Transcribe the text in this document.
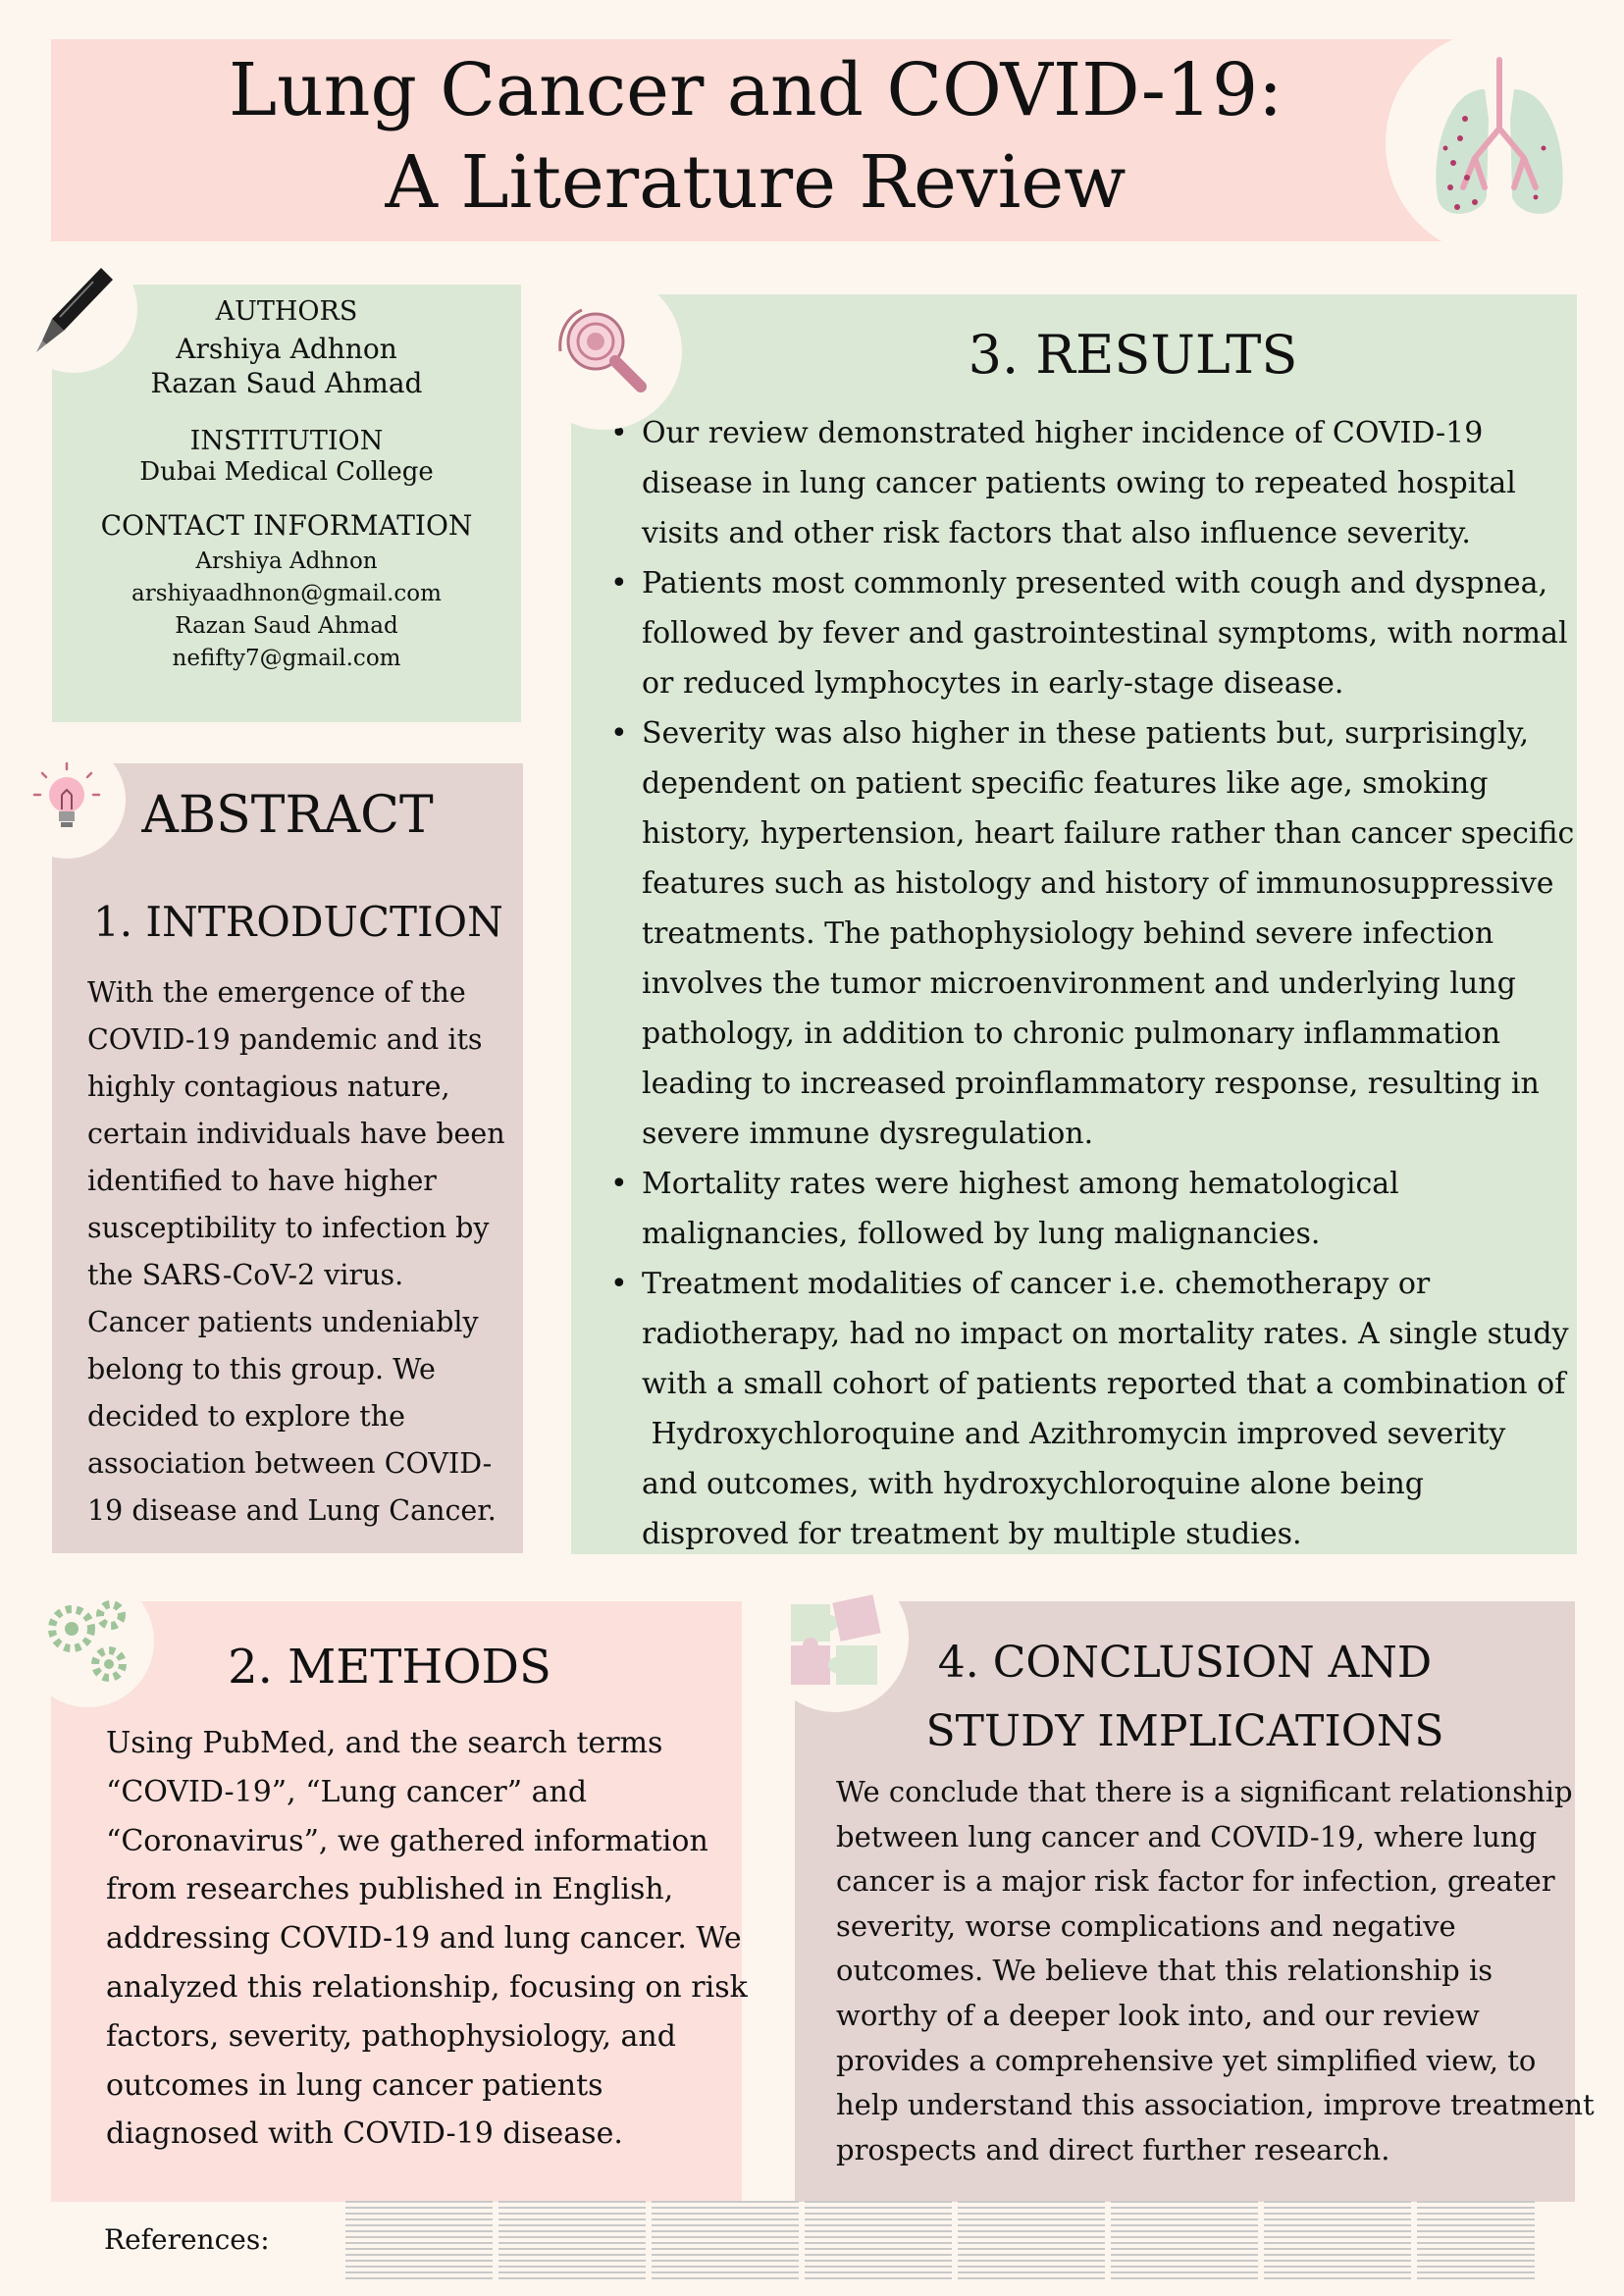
Lung Cancer and COVID-19:
A Literature Review
AUTHORS
Arshiya Adhnon
Razan Saud Ahmad
INSTITUTION
Dubai Medical College
CONTACT INFORMATION
Arshiya Adhnon
arshiyaadhnon@gmail.com
Razan Saud Ahmad
nefifty7@gmail.com
ABSTRACT
1. INTRODUCTION
With the emergence of the
COVID-19 pandemic and its
highly contagious nature,
certain individuals have been
identified to have higher
susceptibility to infection by
the SARS-CoV-2 virus.
Cancer patients undeniably
belong to this group. We
decided to explore the
association between COVID-
19 disease and Lung Cancer.
3. RESULTS
• Our review demonstrated higher incidence of COVID-19
disease in lung cancer patients owing to repeated hospital
visits and other risk factors that also influence severity.
• Patients most commonly presented with cough and dyspnea,
followed by fever and gastrointestinal symptoms, with normal
or reduced lymphocytes in early-stage disease.
• Severity was also higher in these patients but, surprisingly,
dependent on patient specific features like age, smoking
history, hypertension, heart failure rather than cancer specific
features such as histology and history of immunosuppressive
treatments. The pathophysiology behind severe infection
involves the tumor microenvironment and underlying lung
pathology, in addition to chronic pulmonary inflammation
leading to increased proinflammatory response, resulting in
severe immune dysregulation.
• Mortality rates were highest among hematological
malignancies, followed by lung malignancies.
• Treatment modalities of cancer i.e. chemotherapy or
radiotherapy, had no impact on mortality rates. A single study
with a small cohort of patients reported that a combination of
Hydroxychloroquine and Azithromycin improved severity
and outcomes, with hydroxychloroquine alone being
disproved for treatment by multiple studies.
2. METHODS
Using PubMed, and the search terms
“COVID-19”, “Lung cancer” and
“Coronavirus”, we gathered information
from researches published in English,
addressing COVID-19 and lung cancer. We
analyzed this relationship, focusing on risk
factors, severity, pathophysiology, and
outcomes in lung cancer patients
diagnosed with COVID-19 disease.
4. CONCLUSION AND
STUDY IMPLICATIONS
We conclude that there is a significant relationship
between lung cancer and COVID-19, where lung
cancer is a major risk factor for infection, greater
severity, worse complications and negative
outcomes. We believe that this relationship is
worthy of a deeper look into, and our review
provides a comprehensive yet simplified view, to
help understand this association, improve treatment
prospects and direct further research.
References:
